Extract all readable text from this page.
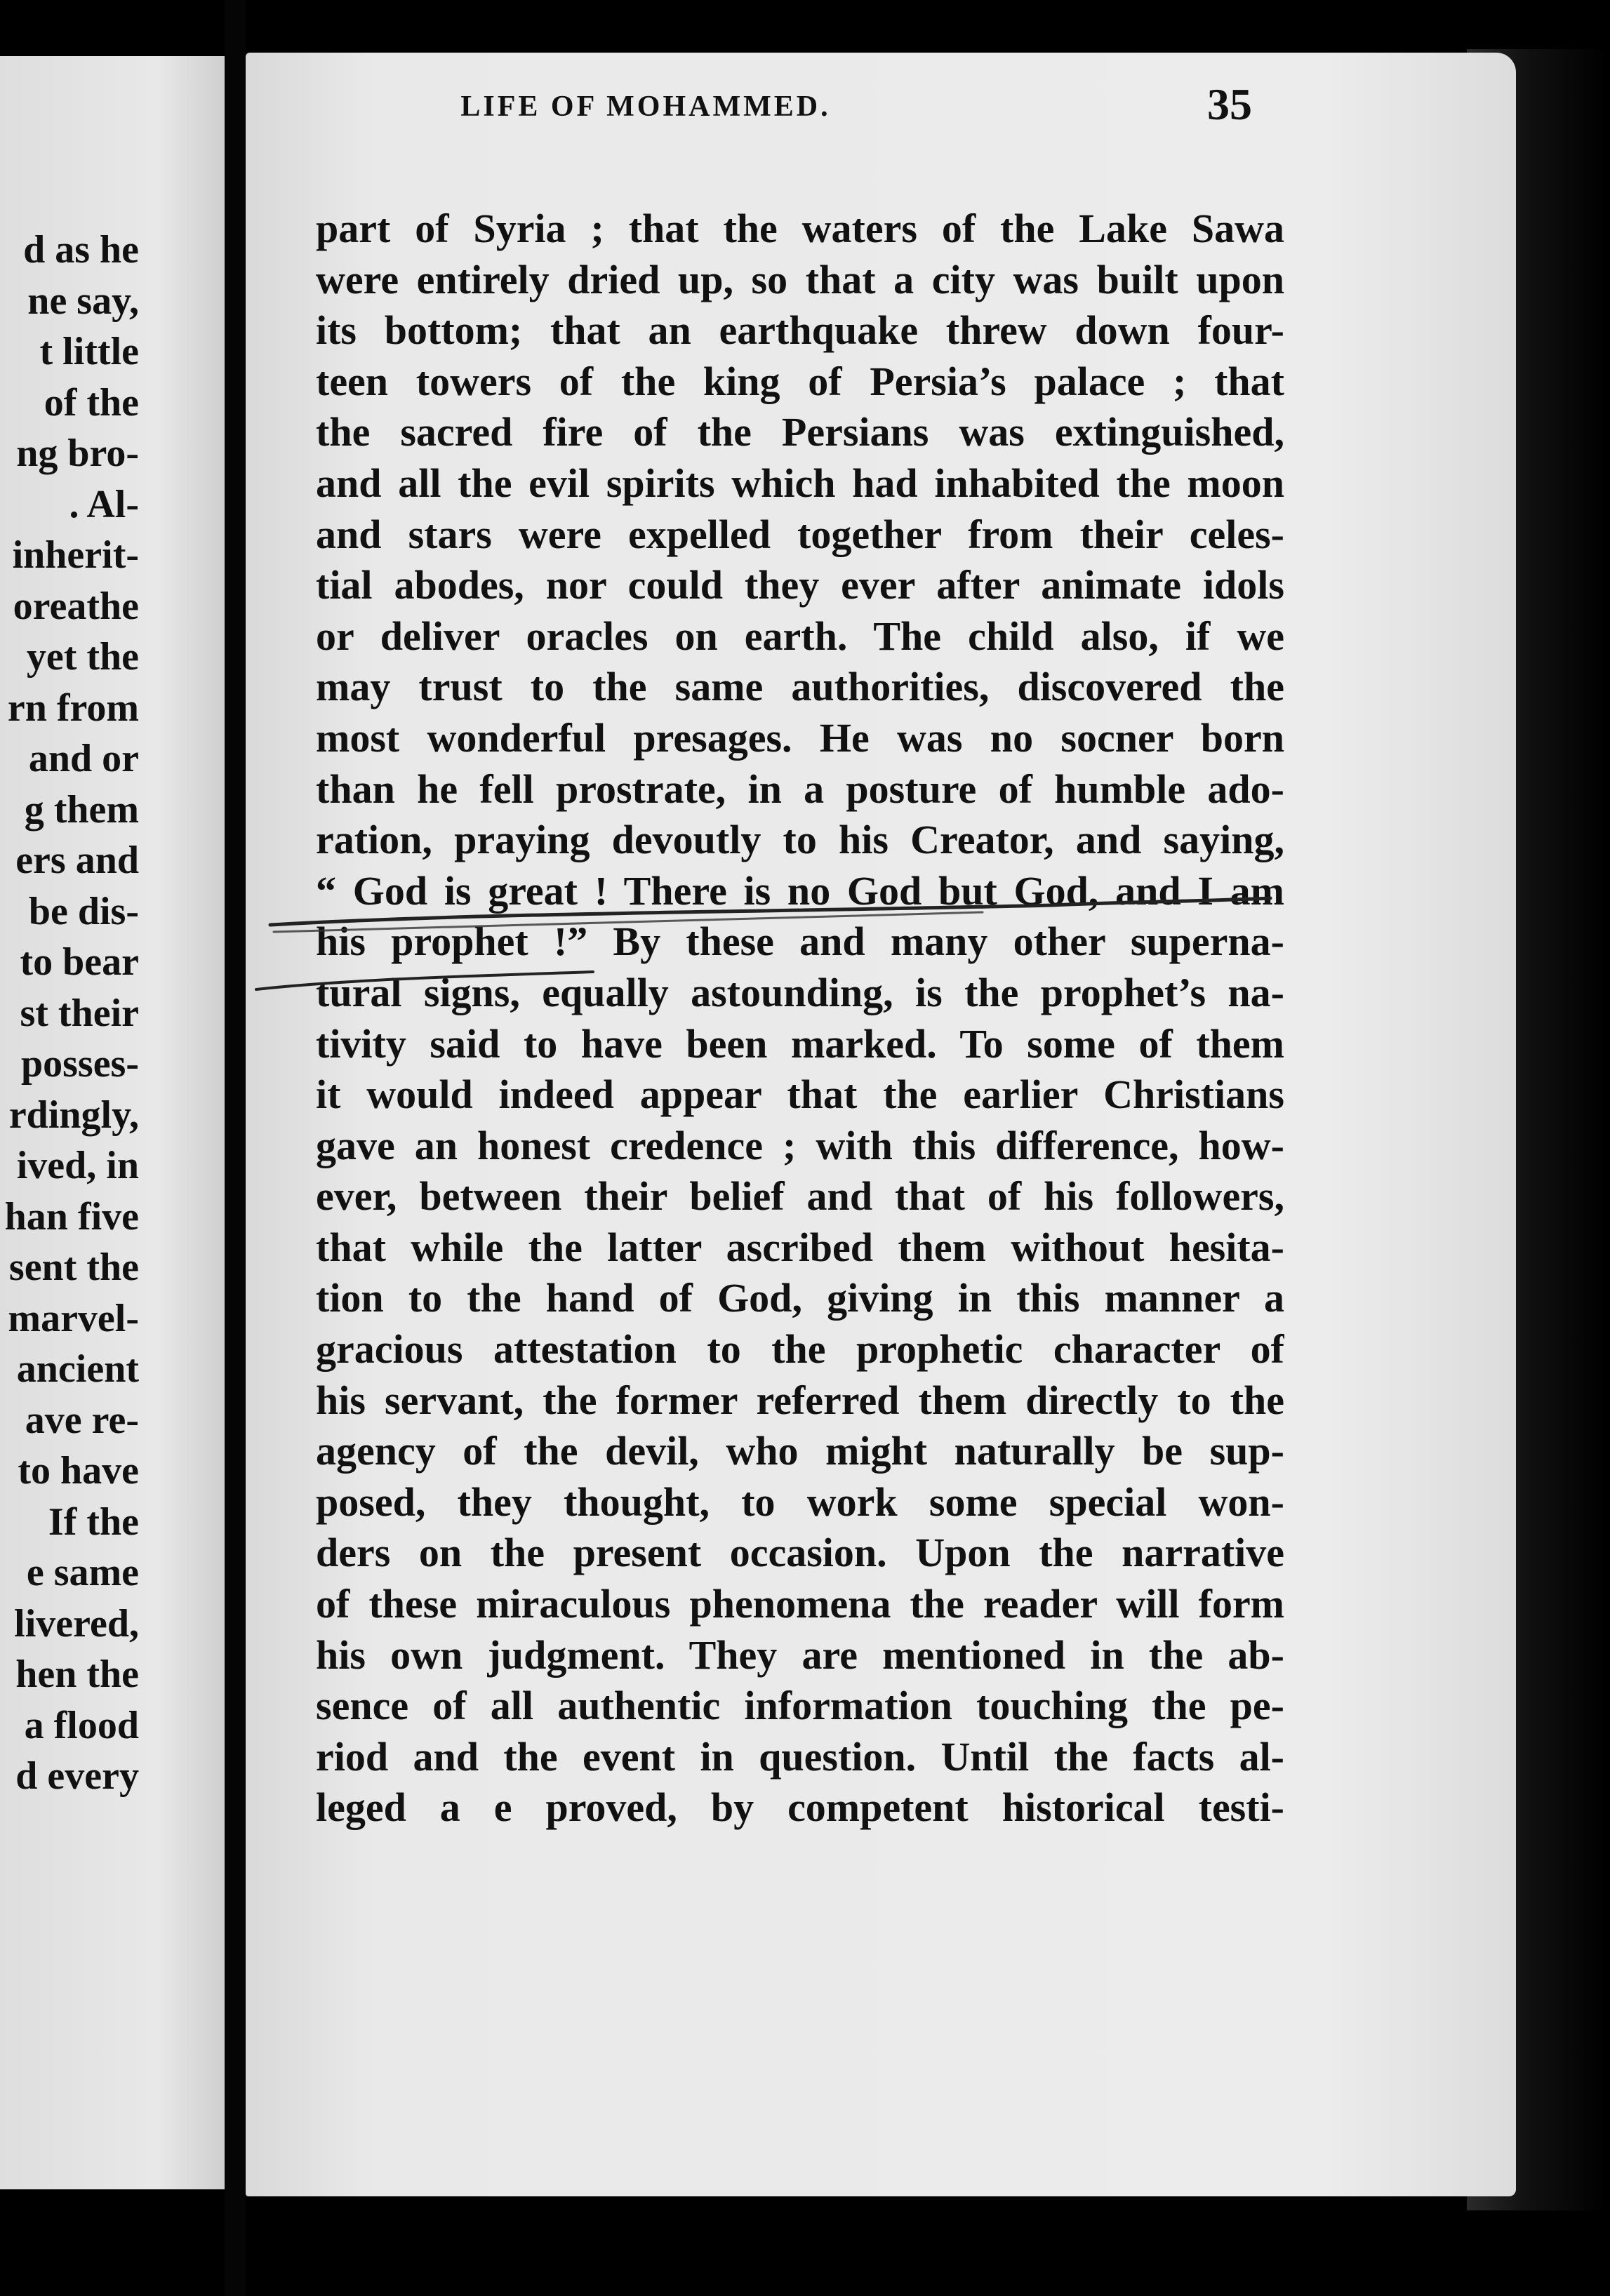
d as he
ne say,
t little
of the
ng bro-
. Al-
inherit-
oreathe
yet the
rn from
and or
g them
ers and
be dis-
to bear
st their
posses-
rdingly,
ived, in
han five
sent the
marvel-
ancient
ave re-
to have
If the
e same
livered,
hen the
a flood
d every
LIFE OF MOHAMMED.	35
part of Syria ; that the waters of the Lake Sawa
were entirely dried up, so that a city was built upon
its bottom; that an earthquake threw down four-
teen towers of the king of Persia’s palace ; that
the sacred fire of the Persians was extinguished,
and all the evil spirits which had inhabited the moon
and stars were expelled together from their celes-
tial abodes, nor could they ever after animate idols
or deliver oracles on earth. The child also, if we
may trust to the same authorities, discovered the
most wonderful presages. He was no socner born
than he fell prostrate, in a posture of humble ado-
ration, praying devoutly to his Creator, and saying,
“ God is great ! There is no God but God, and I am
his prophet !” By these and many other superna-
tural signs, equally astounding, is the prophet’s na-
tivity said to have been marked. To some of them
it would indeed appear that the earlier Christians
gave an honest credence ; with this difference, how-
ever, between their belief and that of his followers,
that while the latter ascribed them without hesita-
tion to the hand of God, giving in this manner a
gracious attestation to the prophetic character of
his servant, the former referred them directly to the
agency of the devil, who might naturally be sup-
posed, they thought, to work some special won-
ders on the present occasion. Upon the narrative
of these miraculous phenomena the reader will form
his own judgment. They are mentioned in the ab-
sence of all authentic information touching the pe-
riod and the event in question. Until the facts al-
leged a e proved, by competent historical testi-
